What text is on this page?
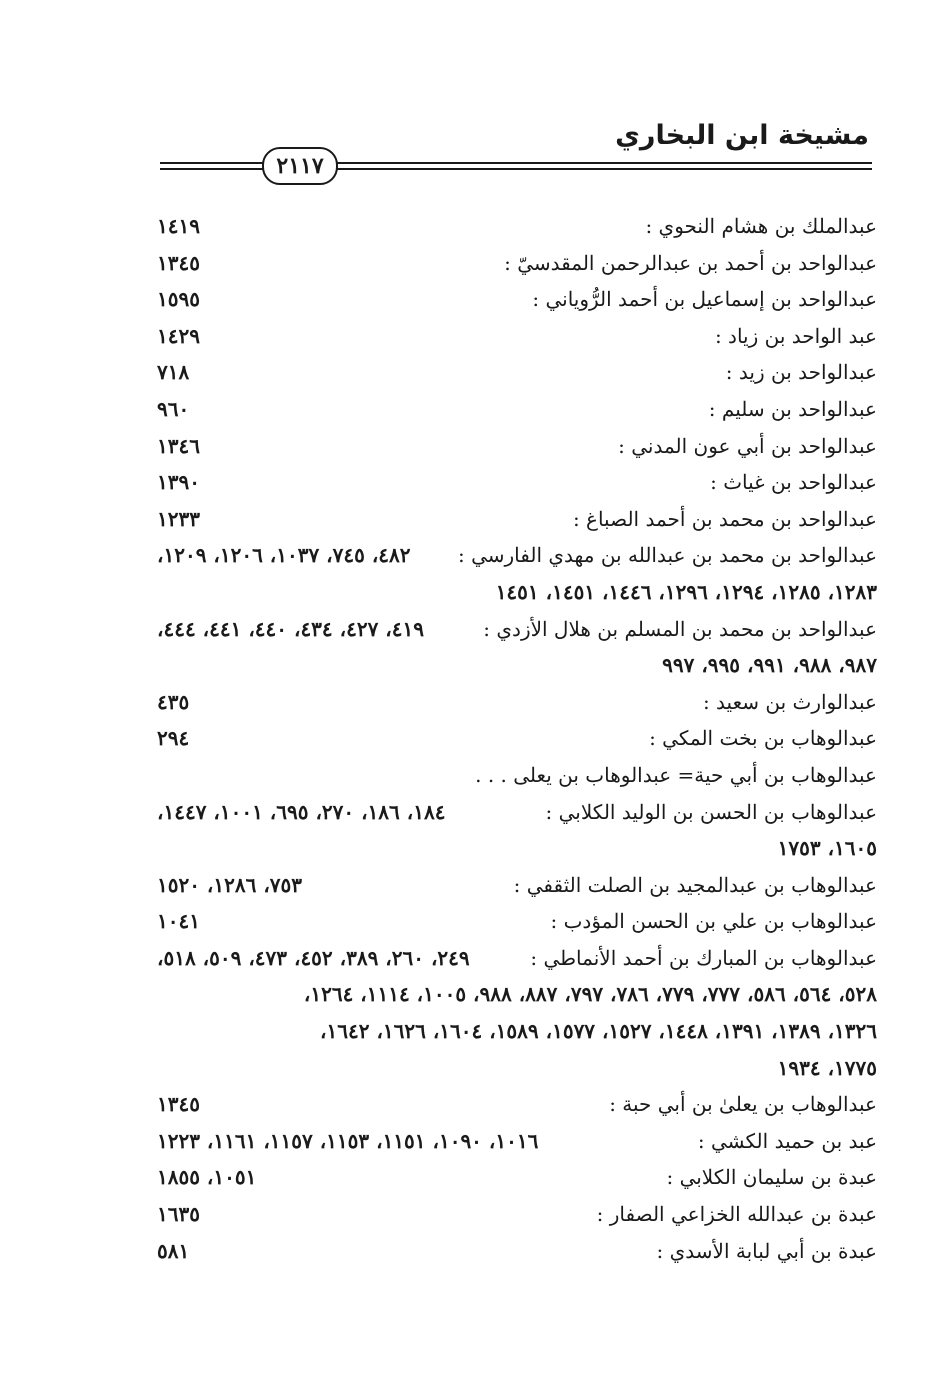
مشيخة ابن البخاري
٢١١٧
عبدالملك بن هشام النحوي :
١٤١٩
عبدالواحد بن أحمد بن عبدالرحمن المقدسيّ :
١٣٤٥
عبدالواحد بن إسماعيل بن أحمد الرُّوياني :
١٥٩٥
عبد الواحد بن زياد :
١٤٢٩
عبدالواحد بن زيد :
٧١٨
عبدالواحد بن سليم :
٩٦٠
عبدالواحد بن أبي عون المدني :
١٣٤٦
عبدالواحد بن غياث :
١٣٩٠
عبدالواحد بن محمد بن أحمد الصباغ :
١٢٣٣
عبدالواحد بن محمد بن عبدالله بن مهدي الفارسي :
٤٨٢، ٧٤٥، ١٠٣٧، ١٢٠٦، ١٢٠٩،
١٢٨٣، ١٢٨٥، ١٢٩٤، ١٢٩٦، ١٤٤٦، ١٤٥١، ١٤٥١
عبدالواحد بن محمد بن المسلم بن هلال الأزدي :
٤١٩، ٤٢٧، ٤٣٤، ٤٤٠، ٤٤١، ٤٤٤،
٩٨٧، ٩٨٨، ٩٩١، ٩٩٥، ٩٩٧
عبدالوارث بن سعيد :
٤٣٥
عبدالوهاب بن بخت المكي :
٢٩٤
عبدالوهاب بن أبي حية= عبدالوهاب بن يعلى . . .
عبدالوهاب بن الحسن بن الوليد الكلابي :
١٨٤، ١٨٦، ٢٧٠، ٦٩٥، ١٠٠١، ١٤٤٧،
١٦٠٥، ١٧٥٣
عبدالوهاب بن عبدالمجيد بن الصلت الثقفي :
٧٥٣، ١٢٨٦، ١٥٢٠
عبدالوهاب بن علي بن الحسن المؤدب :
١٠٤١
عبدالوهاب بن المبارك بن أحمد الأنماطي :
٢٤٩، ٢٦٠، ٣٨٩، ٤٥٢، ٤٧٣، ٥٠٩، ٥١٨،
٥٢٨، ٥٦٤، ٥٨٦، ٧٧٧، ٧٧٩، ٧٨٦، ٧٩٧، ٨٨٧، ٩٨٨، ١٠٠٥، ١١١٤، ١٢٦٤،
١٣٢٦، ١٣٨٩، ١٣٩١، ١٤٤٨، ١٥٢٧، ١٥٧٧، ١٥٨٩، ١٦٠٤، ١٦٢٦، ١٦٤٢،
١٧٧٥، ١٩٣٤
عبدالوهاب بن يعلىٰ بن أبي حبة :
١٣٤٥
عبد بن حميد الكشي :
١٠١٦، ١٠٩٠، ١١٥١، ١١٥٣، ١١٥٧، ١١٦١، ١٢٢٣
عبدة بن سليمان الكلابي :
١٠٥١، ١٨٥٥
عبدة بن عبدالله الخزاعي الصفار :
١٦٣٥
عبدة بن أبي لبابة الأسدي :
٥٨١
